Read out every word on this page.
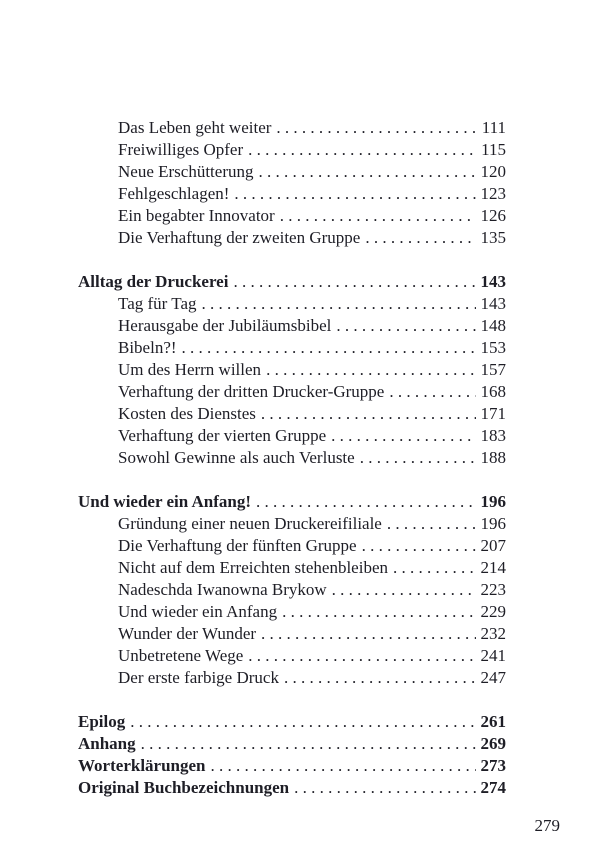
Das Leben geht weiter . . .	111
Freiwilliges Opfer . . .	115
Neue Erschütterung . . .	120
Fehlgeschlagen! . . .	123
Ein begabter Innovator . . .	126
Die Verhaftung der zweiten Gruppe . . .	135
Alltag der Druckerei . . .	143
Tag für Tag . . .	143
Herausgabe der Jubiläumsbibel . . .	148
Bibeln?! . . .	153
Um des Herrn willen . . .	157
Verhaftung der dritten Drucker-Gruppe . . .	168
Kosten des Dienstes . . .	171
Verhaftung der vierten Gruppe . . .	183
Sowohl Gewinne als auch Verluste . . .	188
Und wieder ein Anfang! . . .	196
Gründung einer neuen Druckereifiliale . . .	196
Die Verhaftung der fünften Gruppe . . .	207
Nicht auf dem Erreichten stehenbleiben . . .	214
Nadeschda Iwanowna Brykow . . .	223
Und wieder ein Anfang . . .	229
Wunder der Wunder . . .	232
Unbetretene Wege . . .	241
Der erste farbige Druck . . .	247
Epilog . . .	261
Anhang . . .	269
Worterklärungen . . .	273
Original Buchbezeichnungen . . .	274
279
